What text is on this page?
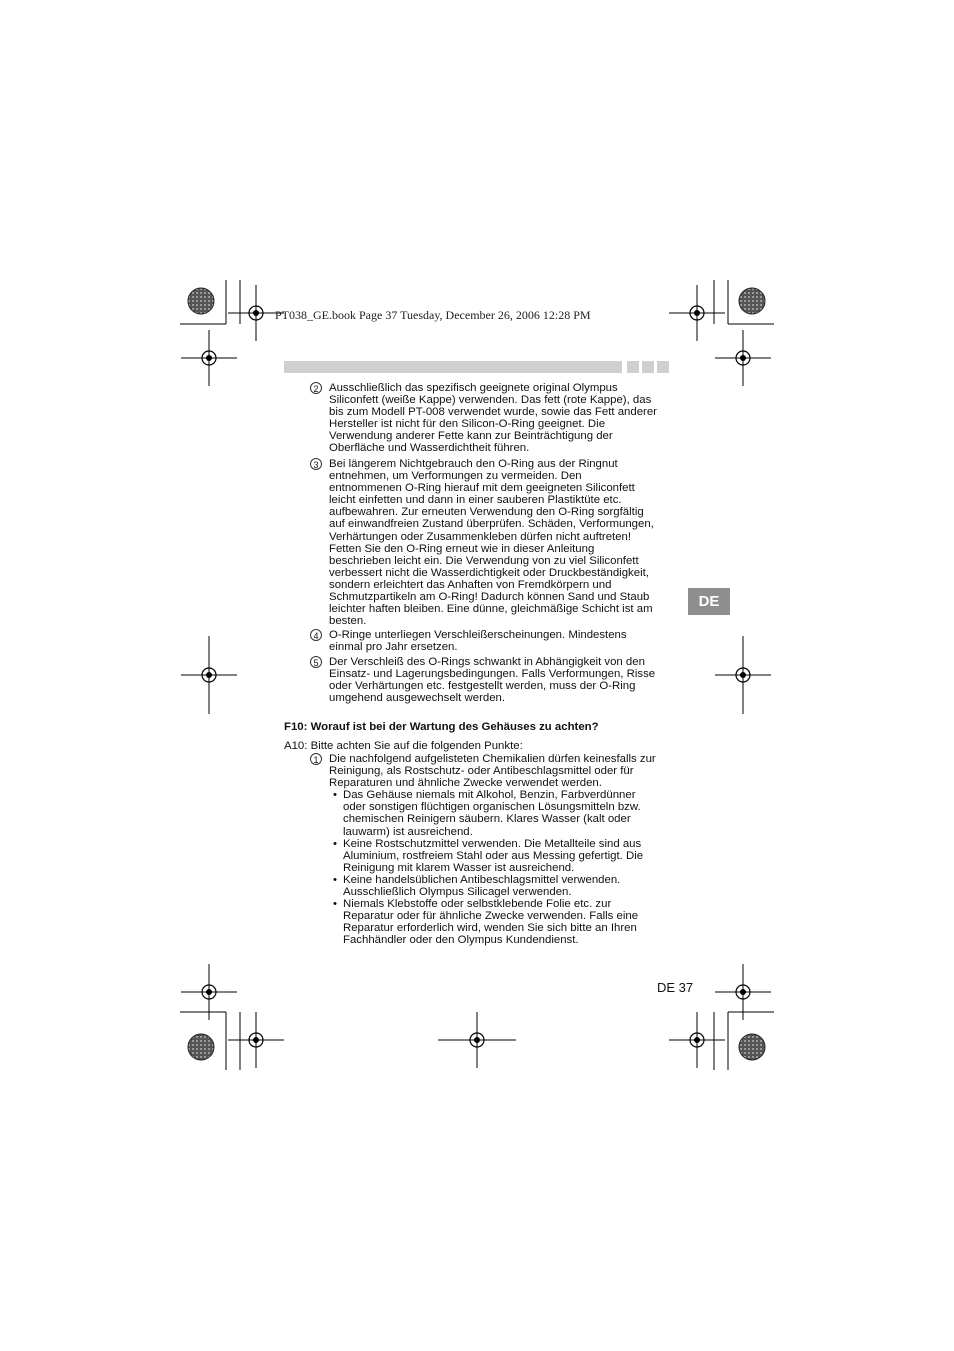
PT038_GE.book Page 37 Tuesday, December 26, 2006 12:28 PM
DE
2 Ausschließlich das spezifisch geeignete original Olympus
Siliconfett (weiße Kappe) verwenden. Das fett (rote Kappe), das
bis zum Modell PT-008 verwendet wurde, sowie das Fett anderer
Hersteller ist nicht für den Silicon-O-Ring geeignet. Die
Verwendung anderer Fette kann zur Beinträchtigung der
Oberfläche und Wasserdichtheit führen.
3 Bei längerem Nichtgebrauch den O-Ring aus der Ringnut
entnehmen, um Verformungen zu vermeiden. Den
entnommenen O-Ring hierauf mit dem geeigneten Siliconfett
leicht einfetten und dann in einer sauberen Plastiktüte etc.
aufbewahren. Zur erneuten Verwendung den O-Ring sorgfältig
auf einwandfreien Zustand überprüfen. Schäden, Verformungen,
Verhärtungen oder Zusammenkleben dürfen nicht auftreten!
Fetten Sie den O-Ring erneut wie in dieser Anleitung
beschrieben leicht ein. Die Verwendung von zu viel Siliconfett
verbessert nicht die Wasserdichtigkeit oder Druckbeständigkeit,
sondern erleichtert das Anhaften von Fremdkörpern und
Schmutzpartikeln am O-Ring! Dadurch können Sand und Staub
leichter haften bleiben. Eine dünne, gleichmäßige Schicht ist am
besten.
4 O-Ringe unterliegen Verschleißerscheinungen. Mindestens
einmal pro Jahr ersetzen.
5 Der Verschleiß des O-Rings schwankt in Abhängigkeit von den
Einsatz- und Lagerungsbedingungen. Falls Verformungen, Risse
oder Verhärtungen etc. festgestellt werden, muss der O-Ring
umgehend ausgewechselt werden.
F10: Worauf ist bei der Wartung des Gehäuses zu achten?
A10: Bitte achten Sie auf die folgenden Punkte:
1 Die nachfolgend aufgelisteten Chemikalien dürfen keinesfalls zur
Reinigung, als Rostschutz- oder Antibeschlagsmittel oder für
Reparaturen und ähnliche Zwecke verwendet werden.
• Das Gehäuse niemals mit Alkohol, Benzin, Farbverdünner
oder sonstigen flüchtigen organischen Lösungsmitteln bzw.
chemischen Reinigern säubern. Klares Wasser (kalt oder
lauwarm) ist ausreichend.
• Keine Rostschutzmittel verwenden. Die Metallteile sind aus
Aluminium, rostfreiem Stahl oder aus Messing gefertigt. Die
Reinigung mit klarem Wasser ist ausreichend.
• Keine handelsüblichen Antibeschlagsmittel verwenden.
Ausschließlich Olympus Silicagel verwenden.
• Niemals Klebstoffe oder selbstklebende Folie etc. zur
Reparatur oder für ähnliche Zwecke verwenden. Falls eine
Reparatur erforderlich wird, wenden Sie sich bitte an Ihren
Fachhändler oder den Olympus Kundendienst.
DE 37
